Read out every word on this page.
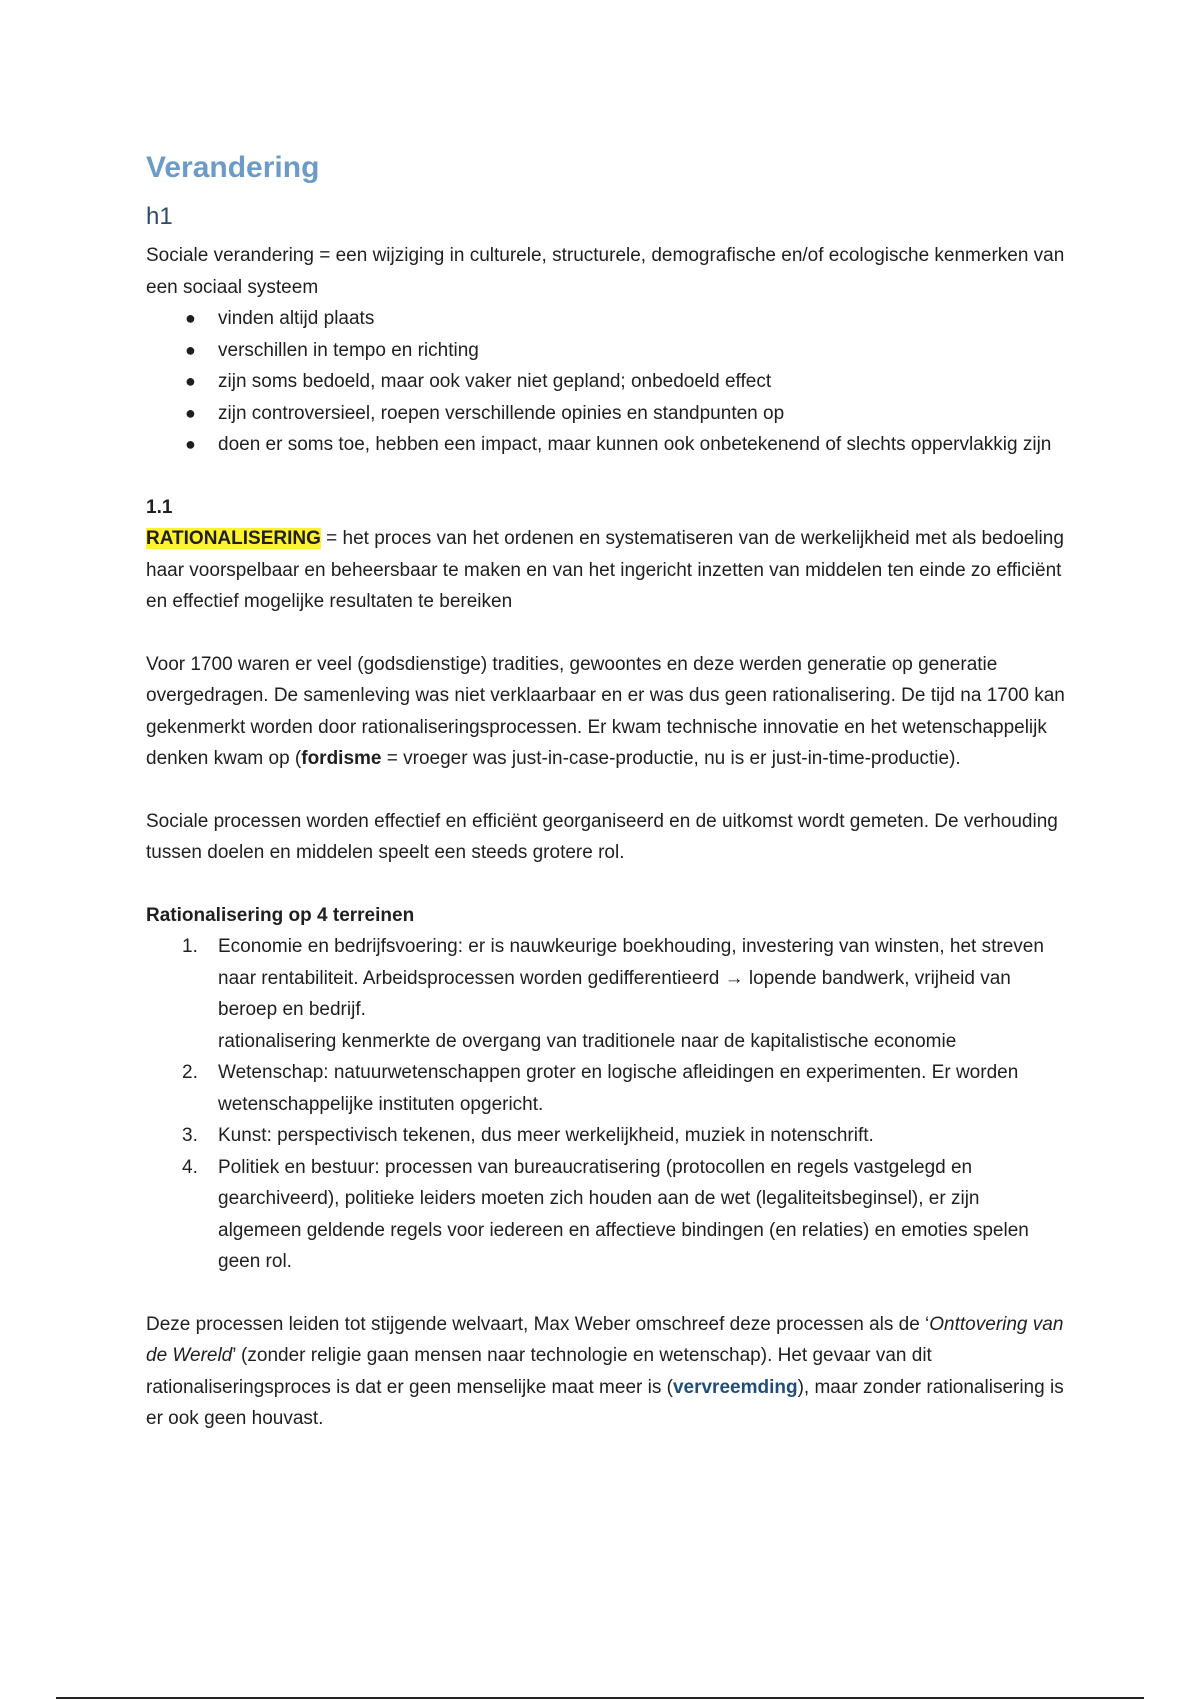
Verandering
h1

Sociale verandering = een wijziging in culturele, structurele, demografische en/of ecologische kenmerken van een sociaal systeem

● vinden altijd plaats
● verschillen in tempo en richting
● zijn soms bedoeld, maar ook vaker niet gepland; onbedoeld effect
● zijn controversieel, roepen verschillende opinies en standpunten op
● doen er soms toe, hebben een impact, maar kunnen ook onbetekenend of slechts oppervlakkig zijn

1.1

RATIONALISERING = het proces van het ordenen en systematiseren van de werkelijkheid met als bedoeling haar voorspelbaar en beheersbaar te maken en van het ingericht inzetten van middelen ten einde zo efficiënt en effectief mogelijke resultaten te bereiken

Voor 1700 waren er veel (godsdienstige) tradities, gewoontes en deze werden generatie op generatie overgedragen. De samenleving was niet verklaarbaar en er was dus geen rationalisering. De tijd na 1700 kan gekenmerkt worden door rationaliseringsprocessen. Er kwam technische innovatie en het wetenschappelijk denken kwam op (fordisme = vroeger was just-in-case-productie, nu is er just-in-time-productie).

Sociale processen worden effectief en efficiënt georganiseerd en de uitkomst wordt gemeten. De verhouding tussen doelen en middelen speelt een steeds grotere rol.

Rationalisering op 4 terreinen

1. Economie en bedrijfsvoering: er is nauwkeurige boekhouding, investering van winsten, het streven naar rentabiliteit. Arbeidsprocessen worden gedifferentieerd → lopende bandwerk, vrijheid van beroep en bedrijf.
rationalisering kenmerkte de overgang van traditionele naar de kapitalistische economie
2. Wetenschap: natuurwetenschappen groter en logische afleidingen en experimenten. Er worden wetenschappelijke instituten opgericht.
3. Kunst: perspectivisch tekenen, dus meer werkelijkheid, muziek in notenschrift.
4. Politiek en bestuur: processen van bureaucratisering (protocollen en regels vastgelegd en gearchiveerd), politieke leiders moeten zich houden aan de wet (legaliteitsbeginsel), er zijn algemeen geldende regels voor iedereen en affectieve bindingen (en relaties) en emoties spelen geen rol.

Deze processen leiden tot stijgende welvaart, Max Weber omschreef deze processen als de ‘Onttovering van de Wereld’ (zonder religie gaan mensen naar technologie en wetenschap). Het gevaar van dit rationaliseringsproces is dat er geen menselijke maat meer is (vervreemding), maar zonder rationalisering is er ook geen houvast.
